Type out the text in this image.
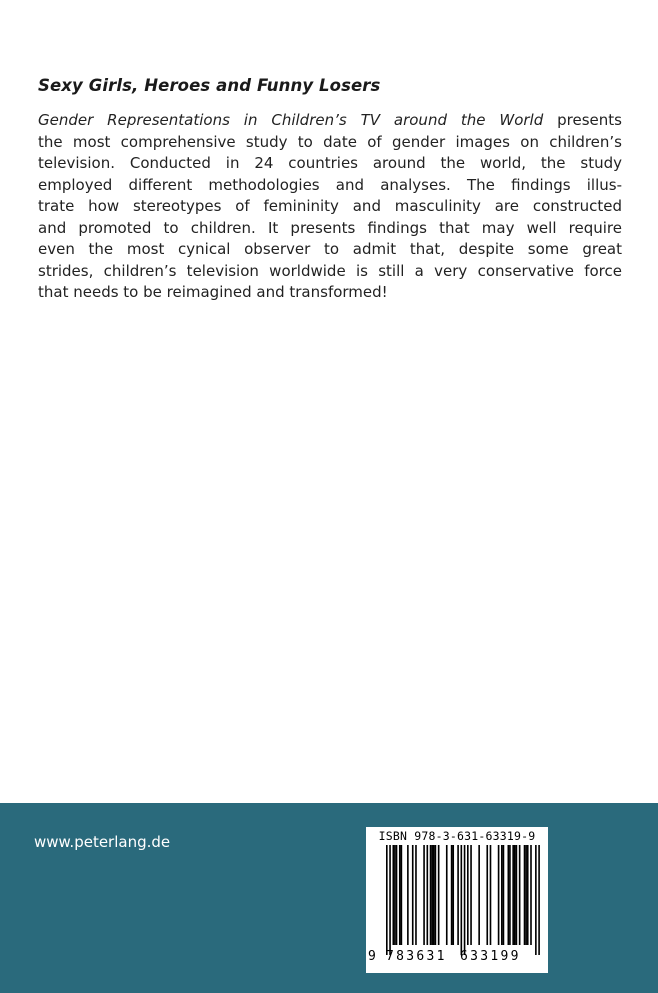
Sexy Girls, Heroes and Funny Losers
Gender Representations in Children’s TV around the World presents
the most comprehensive study to date of gender images on children’s
television. Conducted in 24 countries around the world, the study
employed different methodologies and analyses. The findings illus-
trate how stereotypes of femininity and masculinity are constructed
and promoted to children. It presents findings that may well require
even the most cynical observer to admit that, despite some great
strides, children’s television worldwide is still a very conservative force
that needs to be reimagined and transformed!
www.peterlang.de	ISBN 978-3-631-63319-9
9 783631 633199
